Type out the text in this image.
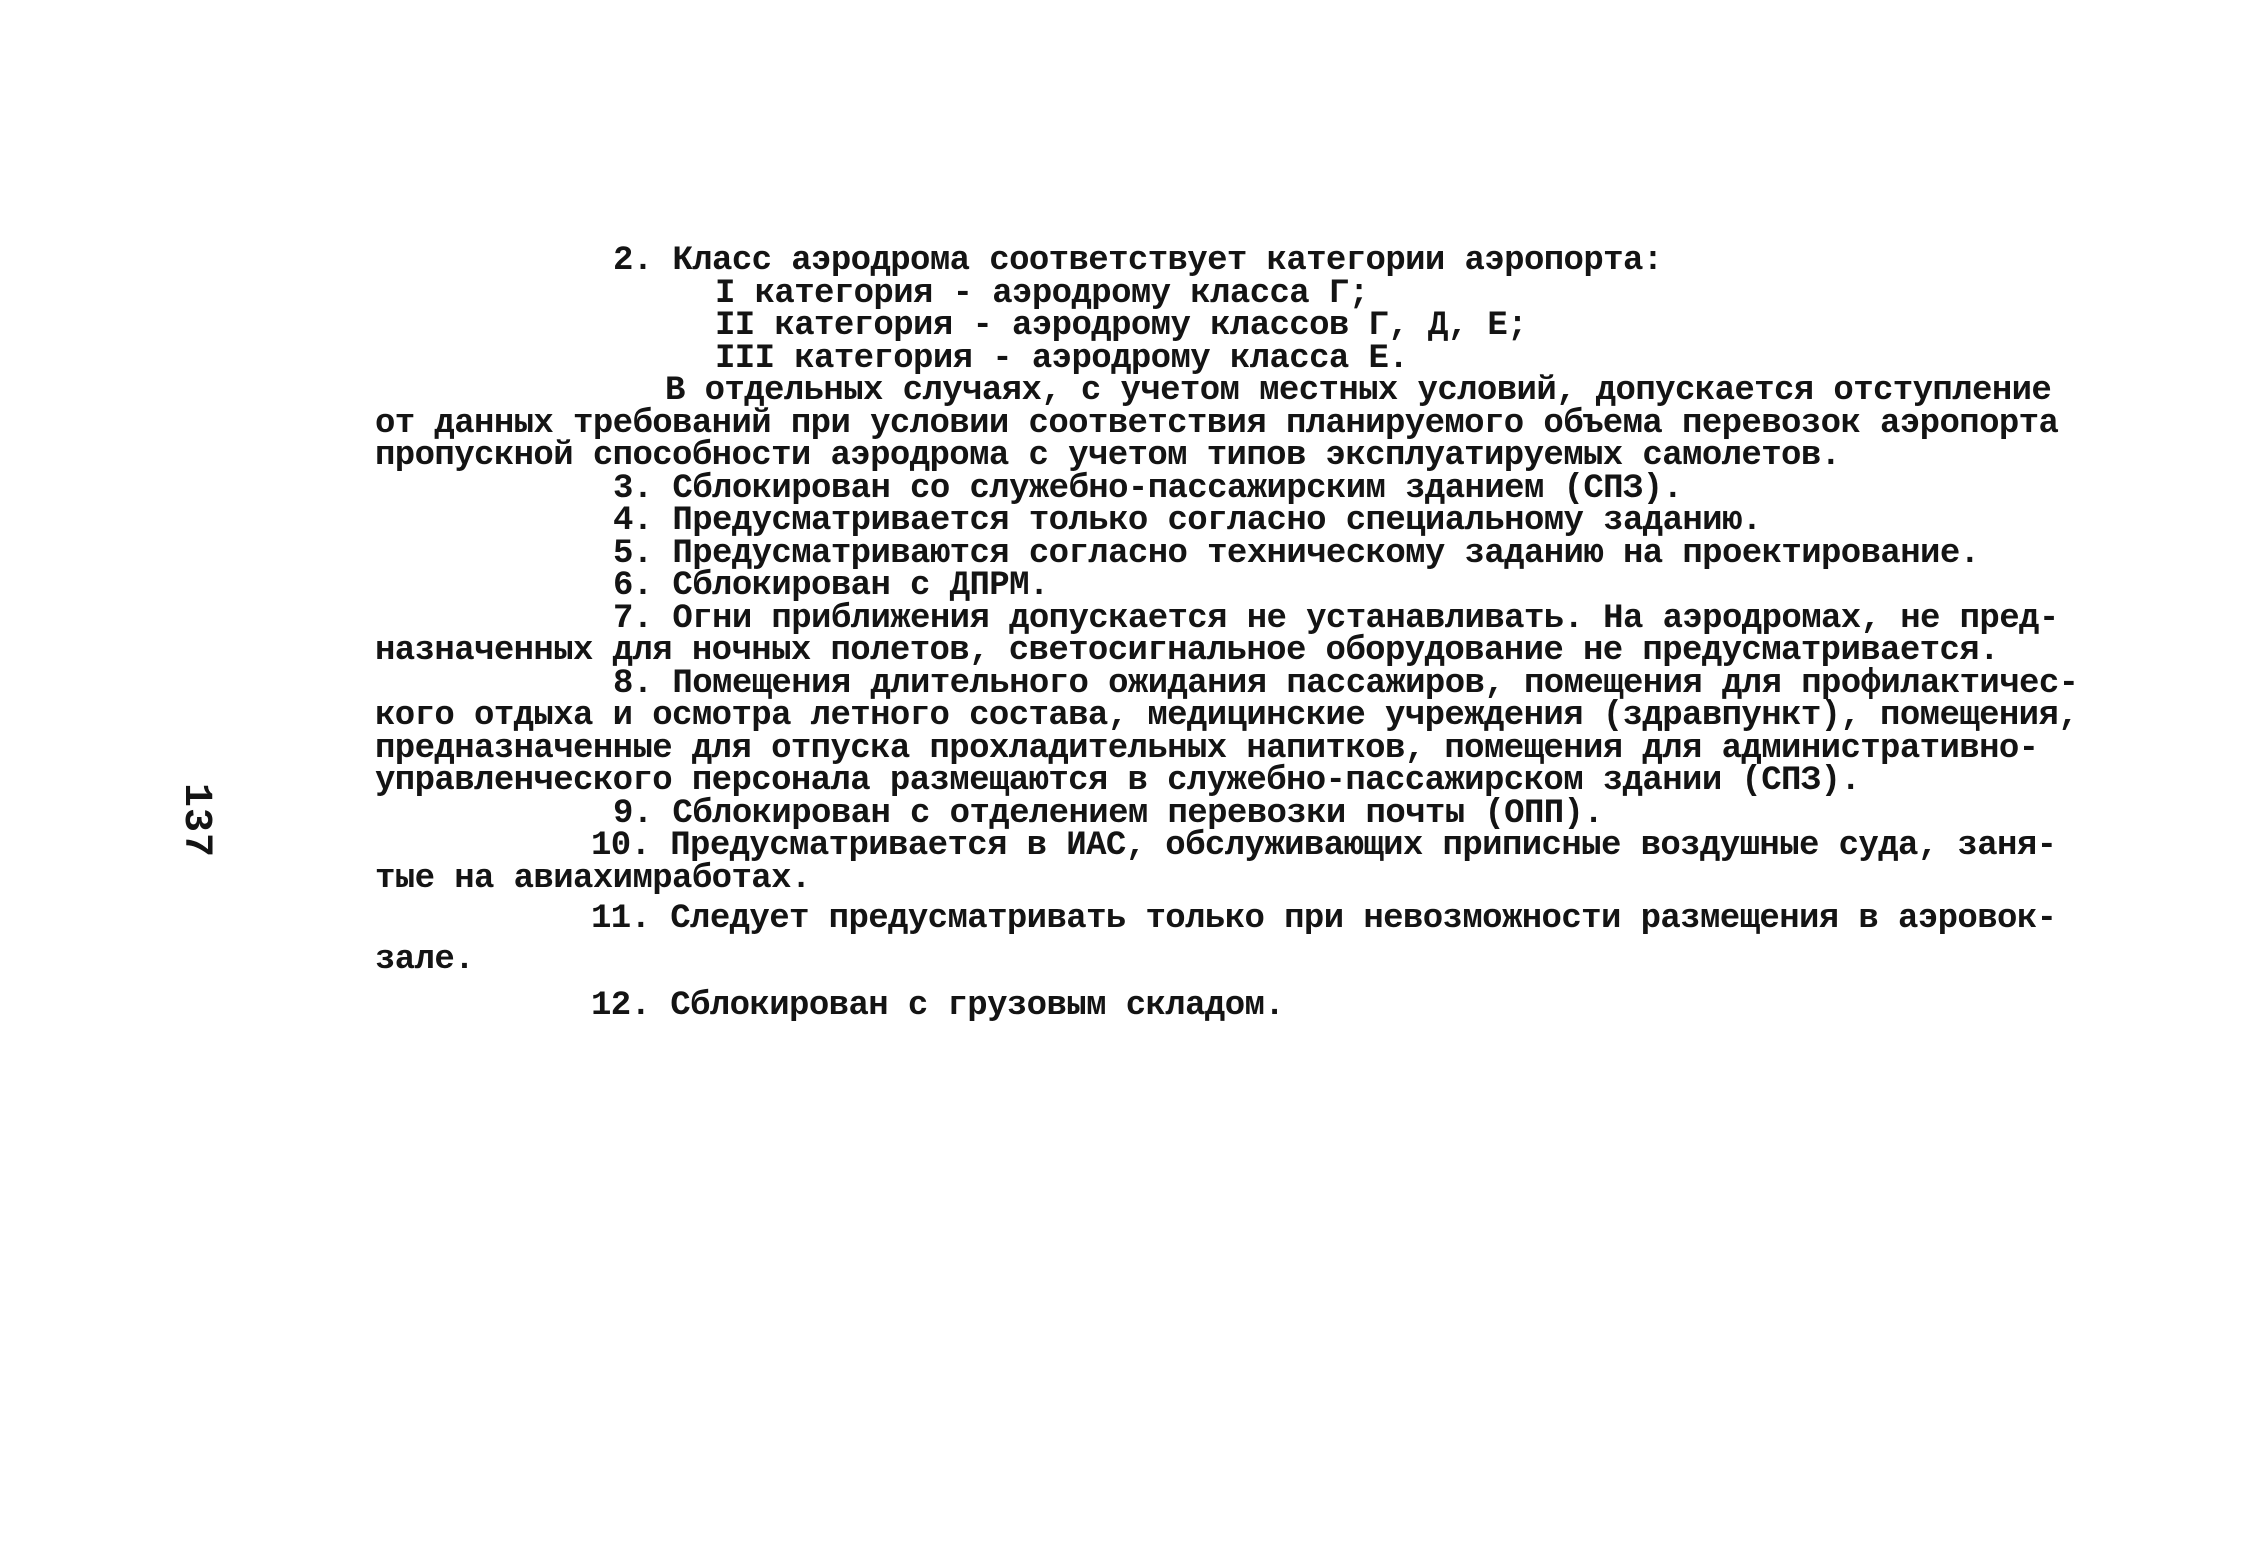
137
2. Класс аэродрома соответствует категории аэропорта:
I категория - аэродрому класса Г;
II категория - аэродрому классов Г, Д, Е;
III категория - аэродрому класса Е.
В отдельных случаях, с учетом местных условий, допускается отступление
от данных требований при условии соответствия планируемого объема перевозок аэропорта
пропускной способности аэродрома с учетом типов эксплуатируемых самолетов.
3. Сблокирован со служебно-пассажирским зданием (СПЗ).
4. Предусматривается только согласно специальному заданию.
5. Предусматриваются согласно техническому заданию на проектирование.
6. Сблокирован с ДПРМ.
7. Огни приближения допускается не устанавливать. На аэродромах, не пред-
назначенных для ночных полетов, светосигнальное оборудование не предусматривается.
8. Помещения длительного ожидания пассажиров, помещения для профилактичес-
кого отдыха и осмотра летного состава, медицинские учреждения (здравпункт), помещения,
предназначенные для отпуска прохладительных напитков, помещения для административно-
управленческого персонала размещаются в служебно-пассажирском здании (СПЗ).
9. Сблокирован с отделением перевозки почты (ОПП).
10. Предусматривается в ИАС, обслуживающих приписные воздушные суда, заня-
тые на авиахимработах.
11. Следует предусматривать только при невозможности размещения в аэровок-
зале.
12. Сблокирован с грузовым складом.
